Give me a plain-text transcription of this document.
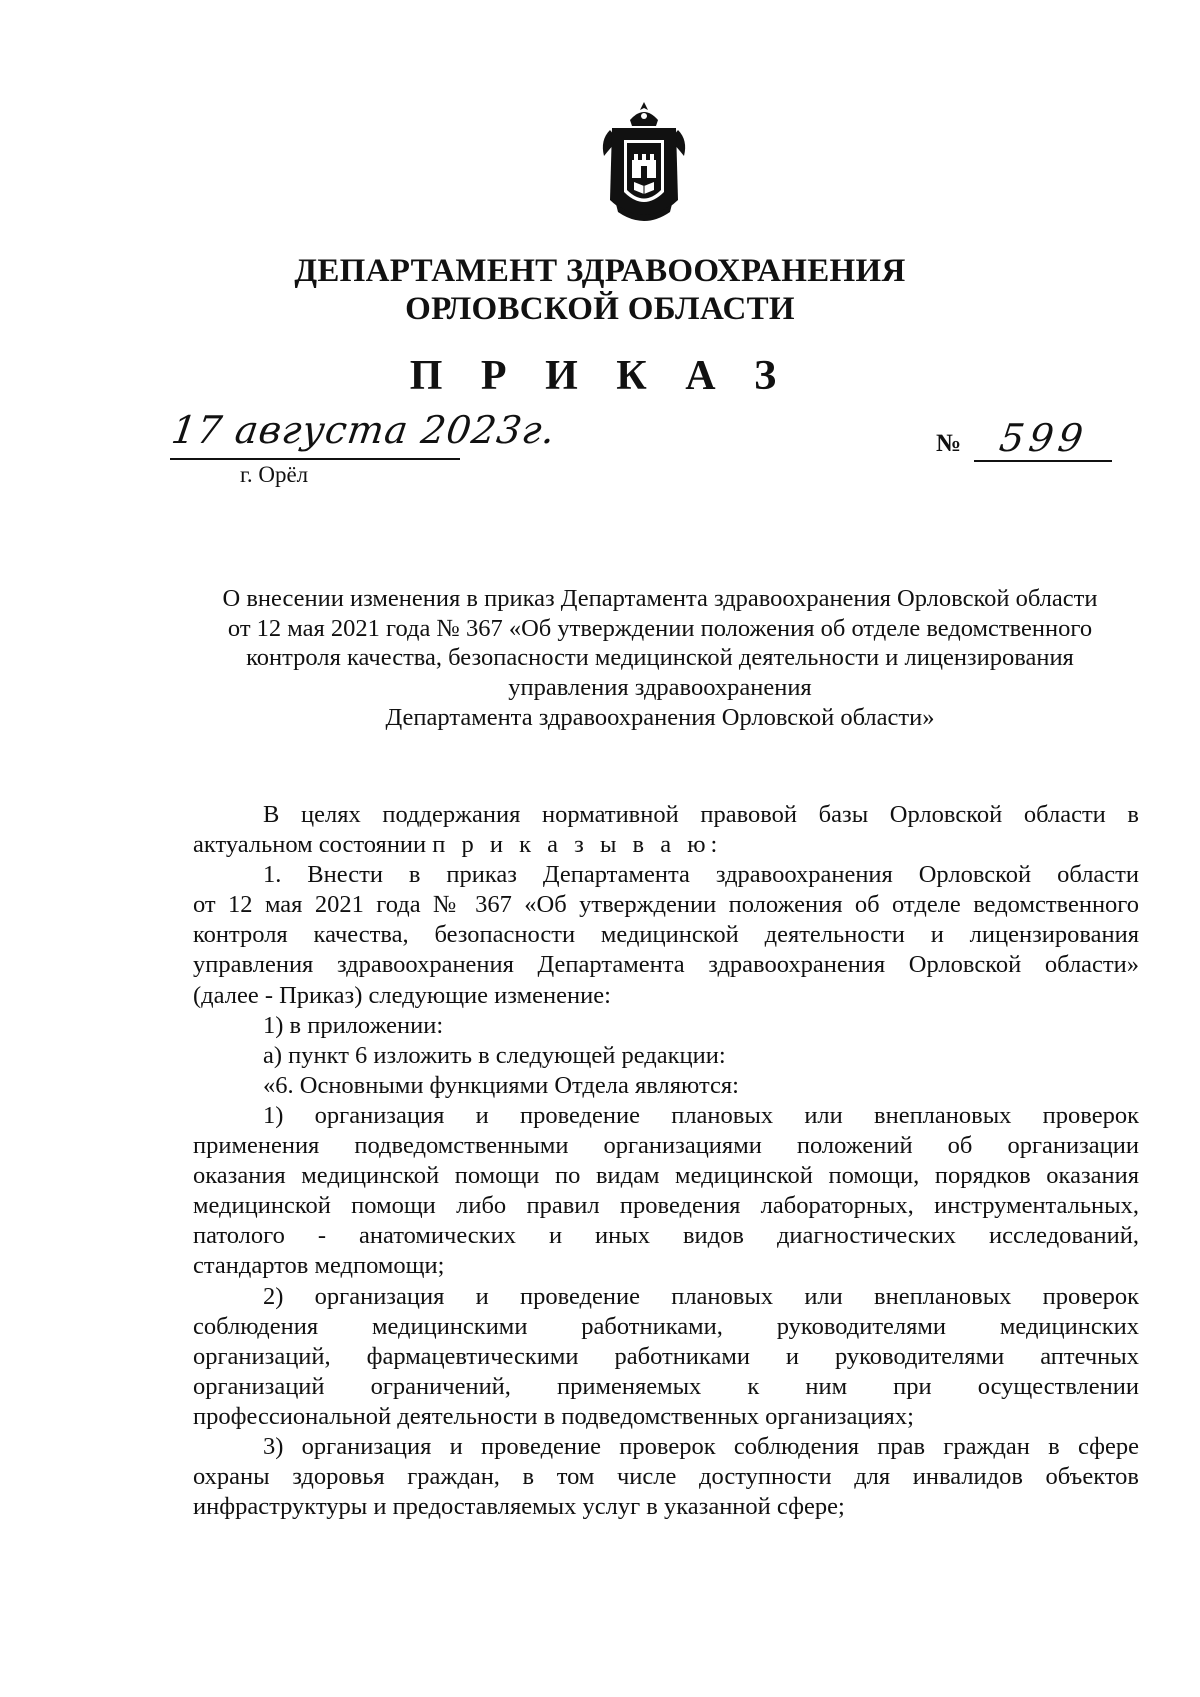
ДЕПАРТАМЕНТ ЗДРАВООХРАНЕНИЯ
ОРЛОВСКОЙ ОБЛАСТИ
П Р И К А З
17 августа 2023г.
г. Орёл
№ 599
О внесении изменения в приказ Департамента здравоохранения Орловской области
от 12 мая 2021 года № 367 «Об утверждении положения об отделе ведомственного
контроля качества, безопасности медицинской деятельности и лицензирования
управления здравоохранения
Департамента здравоохранения Орловской области»
В целях поддержания нормативной правовой базы Орловской области в
актуальном состоянии п р и к а з ы в а ю:
1. Внести в приказ Департамента здравоохранения Орловской области
от 12 мая 2021 года № 367 «Об утверждении положения об отделе ведомственного
контроля качества, безопасности медицинской деятельности и лицензирования
управления здравоохранения Департамента здравоохранения Орловской области»
(далее - Приказ) следующие изменение:
1) в приложении:
а) пункт 6 изложить в следующей редакции:
«6. Основными функциями Отдела являются:
1) организация и проведение плановых или внеплановых проверок
применения подведомственными организациями положений об организации
оказания медицинской помощи по видам медицинской помощи, порядков оказания
медицинской помощи либо правил проведения лабораторных, инструментальных,
патолого - анатомических и иных видов диагностических исследований,
стандартов медпомощи;
2) организация и проведение плановых или внеплановых проверок
соблюдения медицинскими работниками, руководителями медицинских
организаций, фармацевтическими работниками и руководителями аптечных
организаций ограничений, применяемых к ним при осуществлении
профессиональной деятельности в подведомственных организациях;
3) организация и проведение проверок соблюдения прав граждан в сфере
охраны здоровья граждан, в том числе доступности для инвалидов объектов
инфраструктуры и предоставляемых услуг в указанной сфере;
